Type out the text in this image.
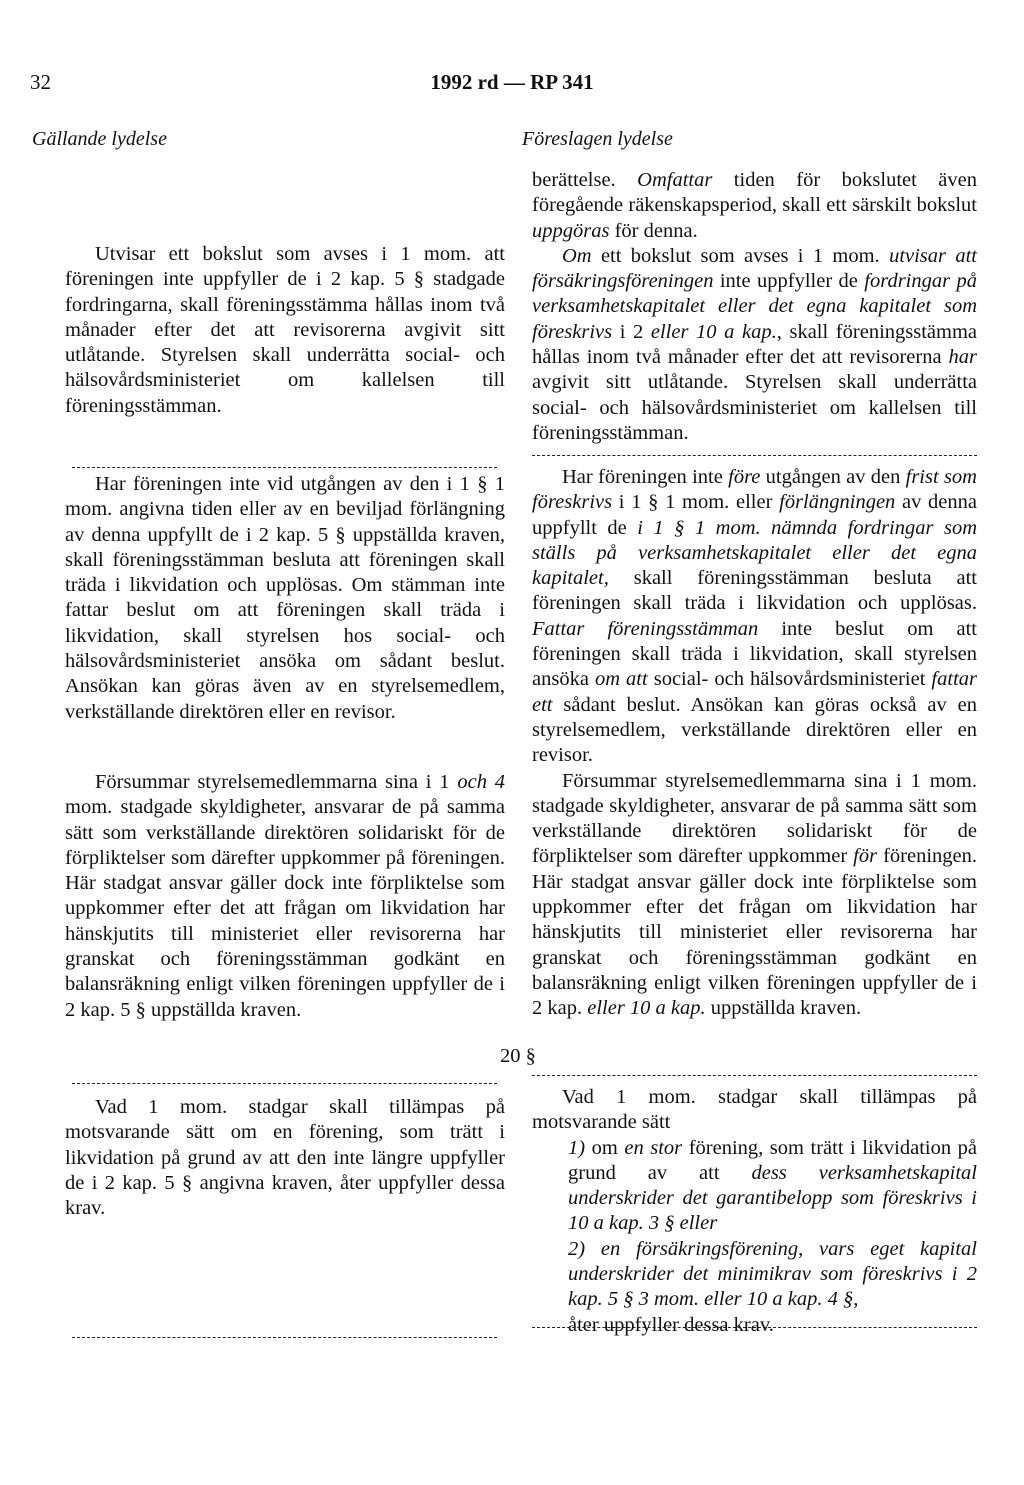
32	1992 rd — RP 341
Gällande lydelse	Föreslagen lydelse

Utvisar ett bokslut som avses i 1 mom. att föreningen inte uppfyller de i 2 kap. 5 § stadgade fordringarna, skall föreningsstämma hållas inom två månader efter det att revisorerna avgivit sitt utlåtande. Styrelsen skall underrätta social- och hälsovårdsministeriet om kallelsen till föreningsstämman.

Har föreningen inte vid utgången av den i 1 § 1 mom. angivna tiden eller av en beviljad förlängning av denna uppfyllt de i 2 kap. 5 § uppställda kraven, skall föreningsstämman besluta att föreningen skall träda i likvidation och upplösas. Om stämman inte fattar beslut om att föreningen skall träda i likvidation, skall styrelsen hos social- och hälsovårdsministeriet ansöka om sådant beslut. Ansökan kan göras även av en styrelsemedlem, verkställande direktören eller en revisor.

Försummar styrelsemedlemmarna sina i 1 och 4 mom. stadgade skyldigheter, ansvarar de på samma sätt som verkställande direktören solidariskt för de förpliktelser som därefter uppkommer på föreningen. Här stadgat ansvar gäller dock inte förpliktelse som uppkommer efter det att frågan om likvidation har hänskjutits till ministeriet eller revisorerna har granskat och föreningsstämman godkänt en balansräkning enligt vilken föreningen uppfyller de i 2 kap. 5 § uppställda kraven.

Vad 1 mom. stadgar skall tillämpas på motsvarande sätt om en förening, som trätt i likvidation på grund av att den inte längre uppfyller de i 2 kap. 5 § angivna kraven, åter uppfyller dessa krav.

20 §

berättelse. Omfattar tiden för bokslutet även föregående räkenskapsperiod, skall ett särskilt bokslut uppgöras för denna.

Om ett bokslut som avses i 1 mom. utvisar att försäkringsföreningen inte uppfyller de fordringar på verksamhetskapitalet eller det egna kapitalet som föreskrivs i 2 eller 10 a kap., skall föreningsstämma hållas inom två månader efter det att revisorerna har avgivit sitt utlåtande. Styrelsen skall underrätta social- och hälsovårdsministeriet om kallelsen till föreningsstämman.

Har föreningen inte före utgången av den frist som föreskrivs i 1 § 1 mom. eller förlängningen av denna uppfyllt de i 1 § 1 mom. nämnda fordringar som ställs på verksamhetskapitalet eller det egna kapitalet, skall föreningsstämman besluta att föreningen skall träda i likvidation och upplösas. Fattar föreningsstämman inte beslut om att föreningen skall träda i likvidation, skall styrelsen ansöka om att social- och hälsovårdsministeriet fattar ett sådant beslut. Ansökan kan göras också av en styrelsemedlem, verkställande direktören eller en revisor.

Försummar styrelsemedlemmarna sina i 1 mom. stadgade skyldigheter, ansvarar de på samma sätt som verkställande direktören solidariskt för de förpliktelser som därefter uppkommer för föreningen. Här stadgat ansvar gäller dock inte förpliktelse som uppkommer efter det frågan om likvidation har hänskjutits till ministeriet eller revisorerna har granskat och föreningsstämman godkänt en balansräkning enligt vilken föreningen uppfyller de i 2 kap. eller 10 a kap. uppställda kraven.

Vad 1 mom. stadgar skall tillämpas på motsvarande sätt

1) om en stor förening, som trätt i likvidation på grund av att dess verksamhetskapital underskrider det garantibelopp som föreskrivs i 10 a kap. 3 § eller

2) en försäkringsförening, vars eget kapital underskrider det minimikrav som föreskrivs i 2 kap. 5 § 3 mom. eller 10 a kap. 4 §,

åter uppfyller dessa krav.
